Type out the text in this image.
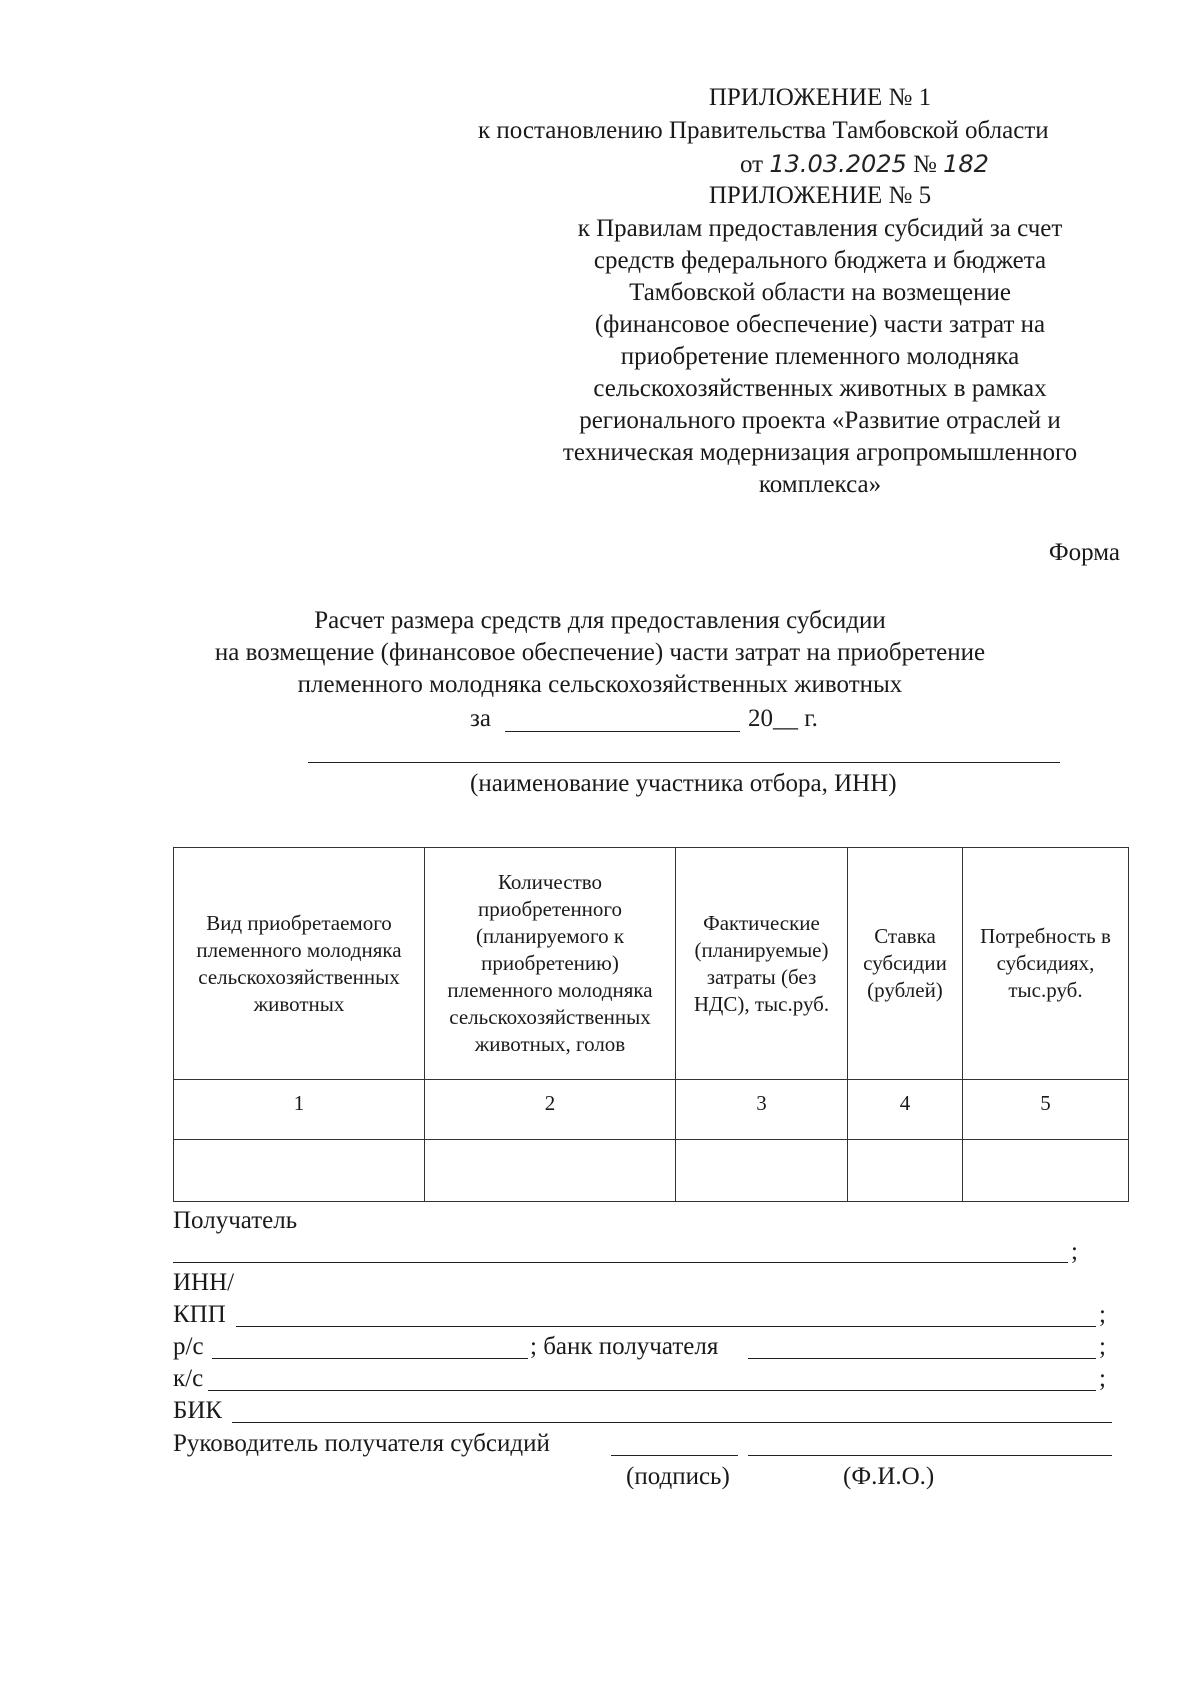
ПРИЛОЖЕНИЕ № 1
к постановлению Правительства Тамбовской области
от 13.03.2025 № 182
ПРИЛОЖЕНИЕ № 5
к Правилам предоставления субсидий за счет
средств федерального бюджета и бюджета
Тамбовской области на возмещение
(финансовое обеспечение) части затрат на
приобретение племенного молодняка
сельскохозяйственных животных в рамках
регионального проекта «Развитие отраслей и
техническая модернизация агропромышленного
комплекса»
Форма
Расчет размера средств для предоставления субсидии
на возмещение (финансовое обеспечение) части затрат на приобретение
племенного молодняка сельскохозяйственных животных
за	20__ г.
(наименование участника отбора, ИНН)
Вид приобретаемого племенного молодняка сельскохозяйственных животных	Количество приобретенного (планируемого к приобретению) племенного молодняка сельскохозяйственных животных, голов	Фактические (планируемые) затраты (без НДС), тыс.руб.	Ставка субсидии (рублей)	Потребность в субсидиях, тыс.руб.
1	2	3	4	5

Получатель
;
ИНН/
КПП	;
р/с	; банк получателя	;
к/с	;
БИК
Руководитель получателя субсидий
(подпись)	(Ф.И.О.)
